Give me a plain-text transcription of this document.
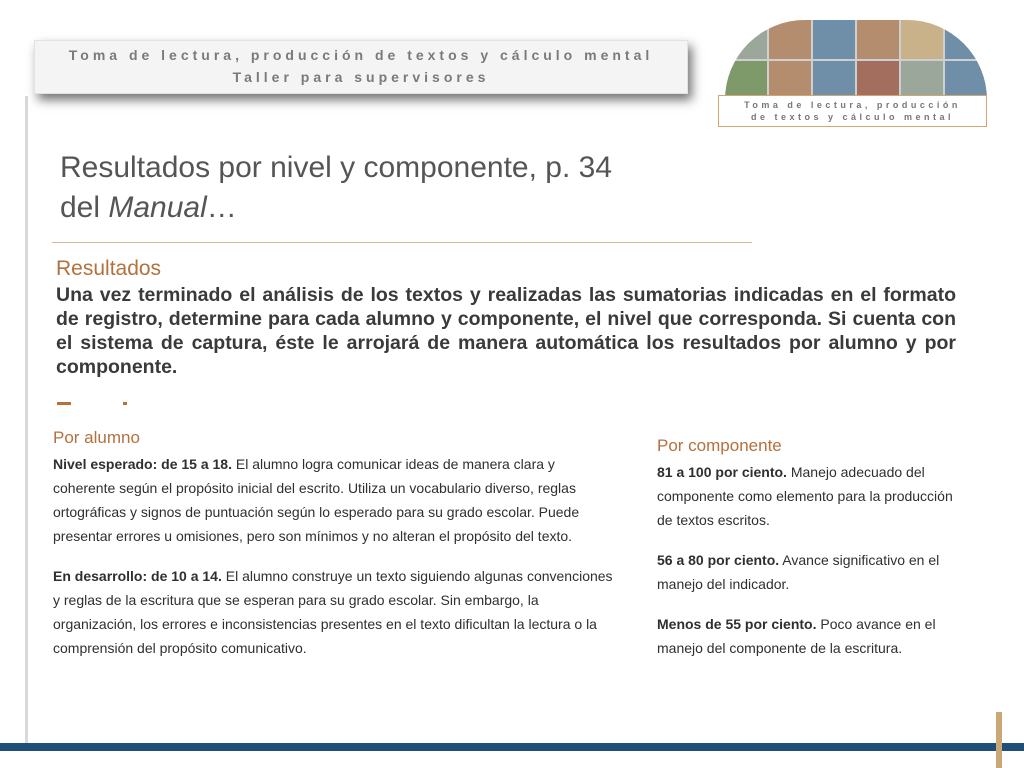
Toma de lectura, producción de textos y cálculo mental
Taller para supervisores
Toma de lectura, producción
de textos y cálculo mental
Resultados por nivel y componente, p. 34
del Manual…
Resultados
Una vez terminado el análisis de los textos y realizadas las sumatorias indicadas en el formato de registro, determine para cada alumno y componente, el nivel que corresponda. Si cuenta con el sistema de captura, éste le arrojará de manera automática los resultados por alumno y por componente.
Por alumno

Nivel esperado: de 15 a 18. El alumno logra comunicar ideas de manera clara y coherente según el propósito inicial del escrito. Utiliza un vocabulario diverso, reglas ortográficas y signos de puntuación según lo esperado para su grado escolar. Puede presentar errores u omisiones, pero son mínimos y no alteran el propósito del texto.

En desarrollo: de 10 a 14. El alumno construye un texto siguiendo algunas convenciones y reglas de la escritura que se esperan para su grado escolar. Sin embargo, la organización, los errores e inconsistencias presentes en el texto dificultan la lectura o la comprensión del propósito comunicativo.

Por componente

81 a 100 por ciento. Manejo adecuado del componente como elemento para la producción de textos escritos.

56 a 80 por ciento. Avance significativo en el manejo del indicador.

Menos de 55 por ciento. Poco avance en el manejo del componente de la escritura.
